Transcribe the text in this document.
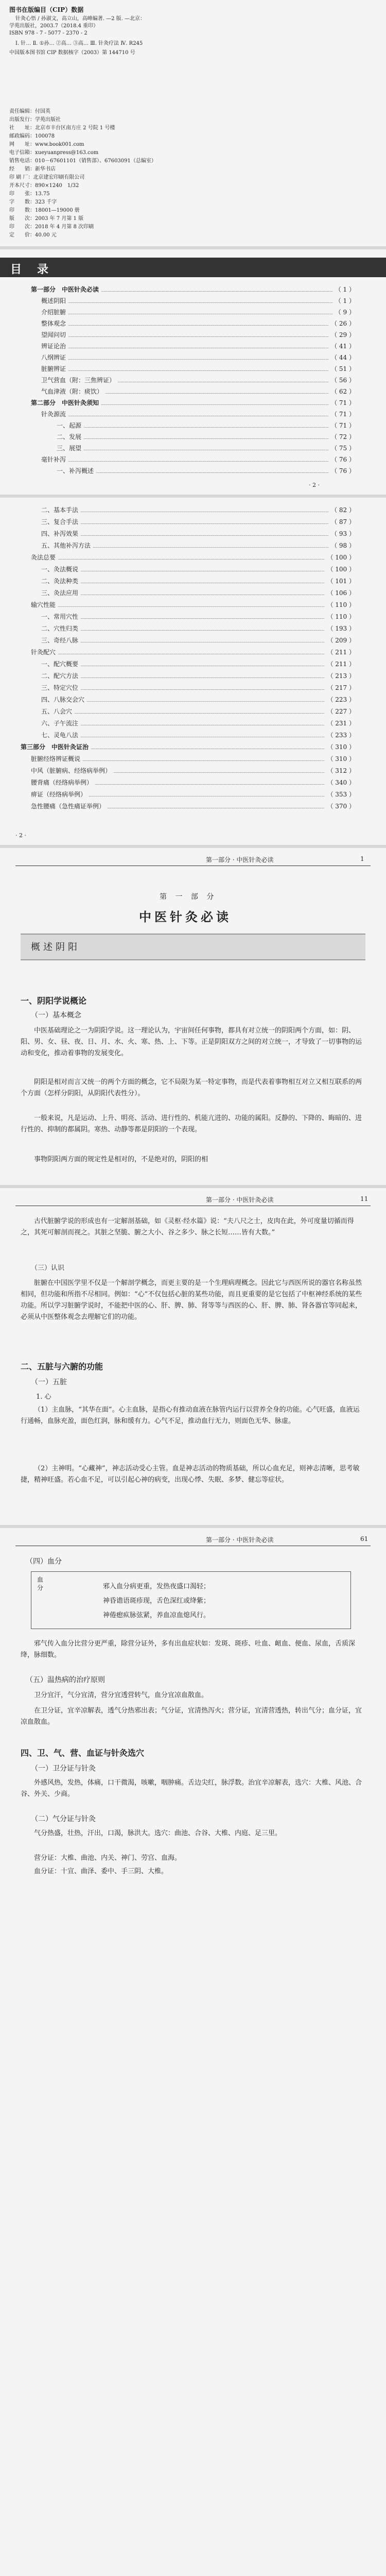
图书在版编目（CIP）数据
针灸心悟 / 孙淑文，高立山，高峰编著. —2 版. —北京：
学苑出版社，2003.7（2018.4 重印）
ISBN 978 - 7 - 5077 - 2370 - 2
Ⅰ. 针… Ⅱ. ①孙… ②高… ③高… Ⅲ. 针灸疗法 Ⅳ. R245
中国版本图书馆 CIP 数据核字（2003）第 144710 号
责任编辑：付国英
出版发行：学苑出版社
社　　址：北京市丰台区南方庄 2 号院 1 号楼
邮政编码：100078
网　　址：www.book001.com
电子信箱：xueyuanpress@163.com
销售电话：010－67601101（销售部）、67603091（总编室）
经　　销：新华书店
印 刷 厂：北京建宏印刷有限公司
开本尺寸：890×1240　1/32
印　　张：13.75
字　　数：323 千字
印　　数：18001—19000 册
版　　次：2003 年 7 月第 1 版
印　　次：2018 年 4 月第 8 次印刷
定　　价：40.00 元
目　录
第一部分　中医针灸必读	（ 1 ）
概述阴阳	（ 1 ）
介绍脏腑	（ 9 ）
整体观念	（ 26 ）
望闻问切	（ 29 ）
辨证论治	（ 41 ）
八纲辨证	（ 44 ）
脏腑辨证	（ 51 ）
卫气营血（附：三焦辨证）	（ 56 ）
气血津液（附：痰饮）	（ 62 ）
第二部分　中医针灸须知	（ 71 ）
针灸源流	（ 71 ）
一、起源	（ 71 ）
二、发展	（ 72 ）
三、展望	（ 75 ）
毫针补泻	（ 76 ）
一、补泻概述	（ 76 ）
· 2 ·
二、基本手法	（ 82 ）
三、复合手法	（ 87 ）
四、补泻效果	（ 93 ）
五、其他补泻方法	（ 98 ）
灸法总要	（ 100 ）
一、灸法概说	（ 100 ）
二、灸法种类	（ 101 ）
三、灸法应用	（ 106 ）
输穴性能	（ 110 ）
一、常用穴性	（ 110 ）
二、穴性归类	（ 193 ）
三、奇经八脉	（ 209 ）
针灸配穴	（ 211 ）
一、配穴概要	（ 211 ）
二、配穴方法	（ 213 ）
三、特定穴位	（ 217 ）
四、八脉交会穴	（ 223 ）
五、八会穴	（ 227 ）
六、子午流注	（ 231 ）
七、灵龟八法	（ 233 ）
第三部分　中医针灸证治	（ 310 ）
脏腑经络辨证概说	（ 310 ）
中风（脏腑病、经络病举例）	（ 312 ）
腰背痛（经络病举例）	（ 340 ）
痹证（经络病举例）	（ 353 ）
急性腰痛（急性痛证举例）	（ 370 ）
· 2 ·
第一部分 · 中医针灸必读	1
第 一 部 分
中医针灸必读
概述阴阳
一、阴阳学说概论
（一）基本概念
中医基础理论之一为阴阳学说。这一理论认为，宇宙间任何事物，都具有对立统一的阴阳两个方面，如：阴、阳、男、女、昼、夜、日、月、水、火、寒、热、上、下等。正是阴阳双方之间的对立统一，才导致了一切事物的运动和变化，推动着事物的发展变化。
阴阳是相对而言又统一的两个方面的概念，它不局限为某一特定事物，而是代表着事物相互对立又相互联系的两个方面（怎样分阴阳，从阴阳代表性分）。
一般来说，凡是运动、上升、明亮、活动、进行性的、机能亢进的、功能的属阳。反静的、下降的、晦暗的、进行性的、抑制的都属阴。寒热、动静等都是阴阳的一个表现。
事物阴阳两方面的规定性是相对的，不是绝对的，阴阳的相
第一部分 · 中医针灸必读	11
古代脏腑学说的形成也有一定解剖基础，如《灵枢·经水篇》说：“夫八尺之士，皮肉在此，外可度量切循而得之，其死可解剖而视之。其脏之坚脆、腑之大小、谷之多少、脉之长短……皆有大数。”
（三）认识
脏腑在中国医学里不仅是一个解剖学概念，而更主要的是一个生理病理概念。因此它与西医所说的器官名称虽然相同，但功能和所指不尽相同。例如：“心”不仅包括心脏的某些功能，而且更重要的是它包括了中枢神经系统的某些功能。所以学习脏腑学说时，不能把中医的心、肝、脾、肺、肾等等与西医的心、肝、脾、肺、肾各器官等同起来，必须从中医整体观念去理解它们的功能。
二、五脏与六腑的功能
（一）五脏
1. 心
（1）主血脉，“其华在面”。心主血脉，是指心有推动血液在脉管内运行以营养全身的功能。心气旺盛，血液运行通畅，血脉充盈，面色红润，脉和缓有力。心气不足，推动血行无力，则面色无华、脉虚。
（2）主神明。“心藏神”，神志活动受心主管。血是神志活动的物质基础，所以心血充足，则神志清晰，思考敏捷，精神旺盛。若心血不足，可以引起心神的病变，出现心悸、失眠、多梦、健忘等症状。
第一部分 · 中医针灸必读	61
（四）血分
血分	邪入血分病更重，发热夜盛口渴轻；
神昏谵语斑疹现，舌色深红或绛紫；
神倦瘛疭脉弦紧，养血凉血熄风行。
邪气传入血分比营分更严重，除营分证外，多有出血症状如：发斑、斑疹、吐血、衄血、便血、尿血，舌质深绛，脉细数。
（五）温热病的治疗原则
卫分宜汗，气分宜清，营分宜透营转气，血分宜凉血散血。
在卫分证，宜辛凉解表，透气分热邪出表；气分证，宜清热泻火；营分证，宜清营透热，转出气分；血分证，宜凉血散血。
四、卫、气、营、血证与针灸选穴
（一）卫分证与针灸
外感风热，发热，体痛，口干微渴，咳嗽，咽肿痛。舌边尖红，脉浮数。治宜辛凉解表，选穴：大椎、风池、合谷、外关、少商。
（二）气分证与针灸
气分热盛，壮热，汗出，口渴，脉洪大。选穴：曲池、合谷、大椎、内庭、足三里。
营分证：大椎、曲池、内关、神门、劳宫、血海。
血分证：十宣、曲泽、委中、手三阴、大椎。
